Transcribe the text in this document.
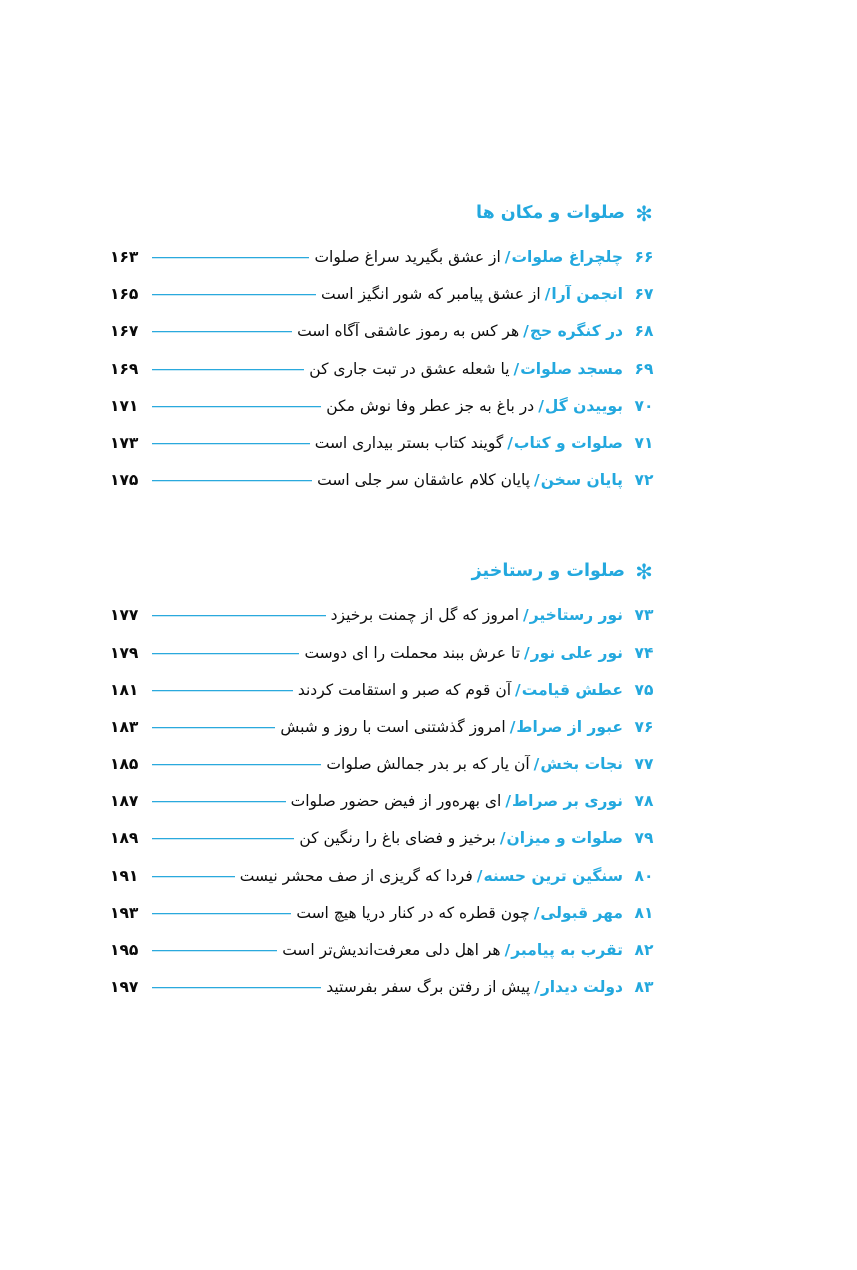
✻
صلوات و مکان ها
۶۶
چلچراغ صلوات/از عشق بگیرید سراغ صلوات
۱۶۳
۶۷
انجمن آرا/از عشق پیامبر که شور انگیز است
۱۶۵
۶۸
در کنگره حج/هر کس به رموز عاشقی آگاه است
۱۶۷
۶۹
مسجد صلوات/یا شعله عشق در تبت جاری کن
۱۶۹
۷۰
بوییدن گل/در باغ به جز عطر وفا نوش مکن
۱۷۱
۷۱
صلوات و کتاب/گویند کتاب بستر بیداری است
۱۷۳
۷۲
پایان سخن/پایان کلام عاشقان سر جلی است
۱۷۵
✻
صلوات و رستاخیز
۷۳
نور رستاخیر/امروز که گل از چمنت برخیزد
۱۷۷
۷۴
نور علی نور/تا عرش ببند محملت را ای دوست
۱۷۹
۷۵
عطش قیامت/آن قوم که صبر و استقامت کردند
۱۸۱
۷۶
عبور از صراط/امروز گذشتنی است با روز و شبش
۱۸۳
۷۷
نجات بخش/آن یار که بر بدر جمالش صلوات
۱۸۵
۷۸
نوری بر صراط/ای بهره‌ور از فیض حضور صلوات
۱۸۷
۷۹
صلوات و میزان/برخیز و فضای باغ را رنگین کن
۱۸۹
۸۰
سنگین ترین حسنه/فردا که گریزی از صف محشر نیست
۱۹۱
۸۱
مهر قبولی/چون قطره که در کنار دریا هیچ است
۱۹۳
۸۲
تقرب به پیامبر/هر اهل دلی معرفت‌اندیش‌تر است
۱۹۵
۸۳
دولت دیدار/پیش از رفتن برگ سفر بفرستید
۱۹۷
